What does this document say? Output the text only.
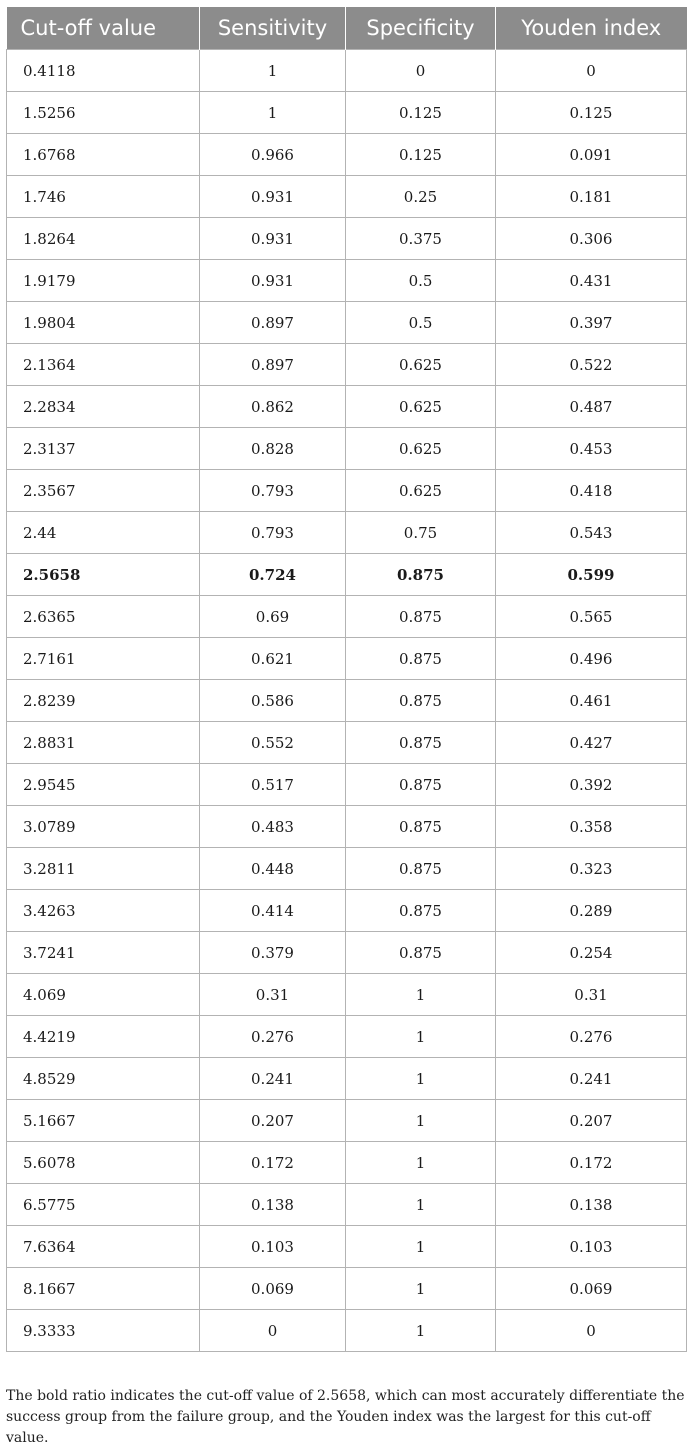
Cut-off value	Sensitivity	Specificity	Youden index
0.4118	1	0	0
1.5256	1	0.125	0.125
1.6768	0.966	0.125	0.091
1.746	0.931	0.25	0.181
1.8264	0.931	0.375	0.306
1.9179	0.931	0.5	0.431
1.9804	0.897	0.5	0.397
2.1364	0.897	0.625	0.522
2.2834	0.862	0.625	0.487
2.3137	0.828	0.625	0.453
2.3567	0.793	0.625	0.418
2.44	0.793	0.75	0.543
2.5658	0.724	0.875	0.599
2.6365	0.69	0.875	0.565
2.7161	0.621	0.875	0.496
2.8239	0.586	0.875	0.461
2.8831	0.552	0.875	0.427
2.9545	0.517	0.875	0.392
3.0789	0.483	0.875	0.358
3.2811	0.448	0.875	0.323
3.4263	0.414	0.875	0.289
3.7241	0.379	0.875	0.254
4.069	0.31	1	0.31
4.4219	0.276	1	0.276
4.8529	0.241	1	0.241
5.1667	0.207	1	0.207
5.6078	0.172	1	0.172
6.5775	0.138	1	0.138
7.6364	0.103	1	0.103
8.1667	0.069	1	0.069
9.3333	0	1	0
The bold ratio indicates the cut-off value of 2.5658, which can most accurately differentiate the success group from the failure group, and the Youden index was the largest for this cut-off value.
